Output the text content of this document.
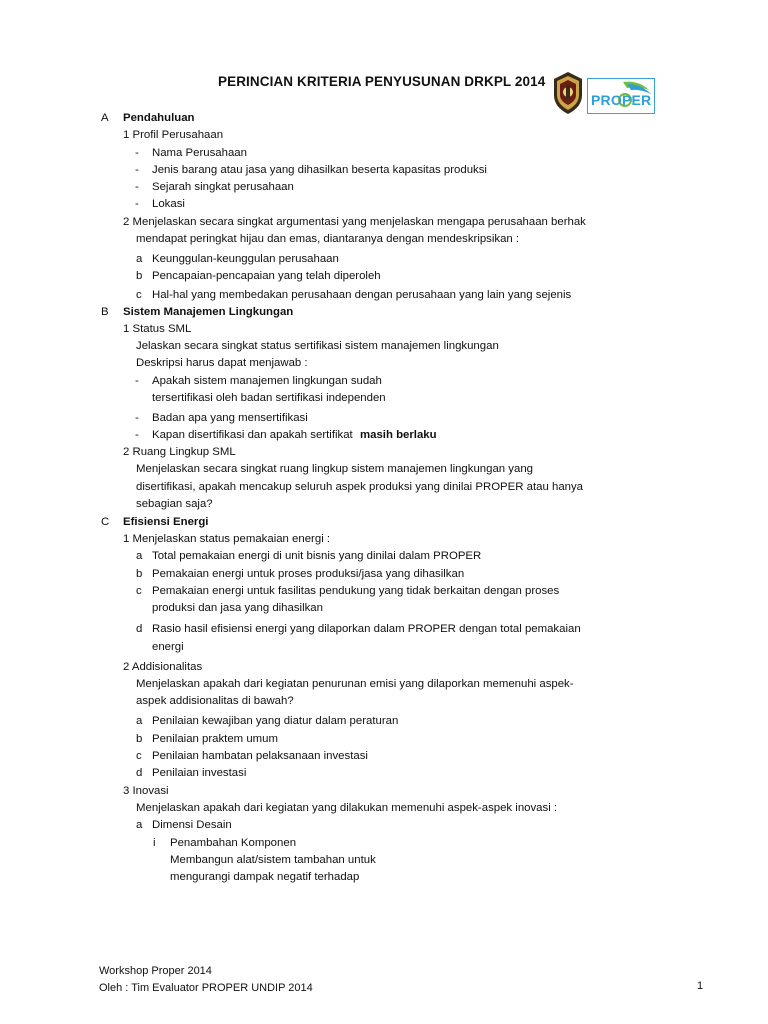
PERINCIAN KRITERIA PENYUSUNAN DRKPL 2014
PROPER
A Pendahuluan
1 Profil Perusahaan
- Nama Perusahaan
- Jenis barang atau jasa yang dihasilkan beserta kapasitas produksi
- Sejarah singkat perusahaan
- Lokasi
2 Menjelaskan secara singkat argumentasi yang menjelaskan mengapa perusahaan berhak
mendapat peringkat hijau dan emas, diantaranya dengan mendeskripsikan :
a Keunggulan-keunggulan perusahaan
b Pencapaian-pencapaian yang telah diperoleh
c Hal-hal yang membedakan perusahaan dengan perusahaan yang lain yang sejenis
B Sistem Manajemen Lingkungan
1 Status SML
Jelaskan secara singkat status sertifikasi sistem manajemen lingkungan
Deskripsi harus dapat menjawab :
- Apakah sistem manajemen lingkungan sudah
tersertifikasi oleh badan sertifikasi independen
- Badan apa yang mensertifikasi
- Kapan disertifikasi dan apakah sertifikat masih berlaku
2 Ruang Lingkup SML
Menjelaskan secara singkat ruang lingkup sistem manajemen lingkungan yang
disertifikasi, apakah mencakup seluruh aspek produksi yang dinilai PROPER atau hanya
sebagian saja?
C Efisiensi Energi
1 Menjelaskan status pemakaian energi :
a Total pemakaian energi di unit bisnis yang dinilai dalam PROPER
b Pemakaian energi untuk proses produksi/jasa yang dihasilkan
c Pemakaian energi untuk fasilitas pendukung yang tidak berkaitan dengan proses
produksi dan jasa yang dihasilkan
d Rasio hasil efisiensi energi yang dilaporkan dalam PROPER dengan total pemakaian
energi
2 Addisionalitas
Menjelaskan apakah dari kegiatan penurunan emisi yang dilaporkan memenuhi aspek-
aspek addisionalitas di bawah?
a Penilaian kewajiban yang diatur dalam peraturan
b Penilaian praktem umum
c Penilaian hambatan pelaksanaan investasi
d Penilaian investasi
3 Inovasi
Menjelaskan apakah dari kegiatan yang dilakukan memenuhi aspek-aspek inovasi :
a Dimensi Desain
i Penambahan Komponen
Membangun alat/sistem tambahan untuk
mengurangi dampak negatif terhadap
Workshop Proper 2014
Oleh : Tim Evaluator PROPER UNDIP 2014	1
